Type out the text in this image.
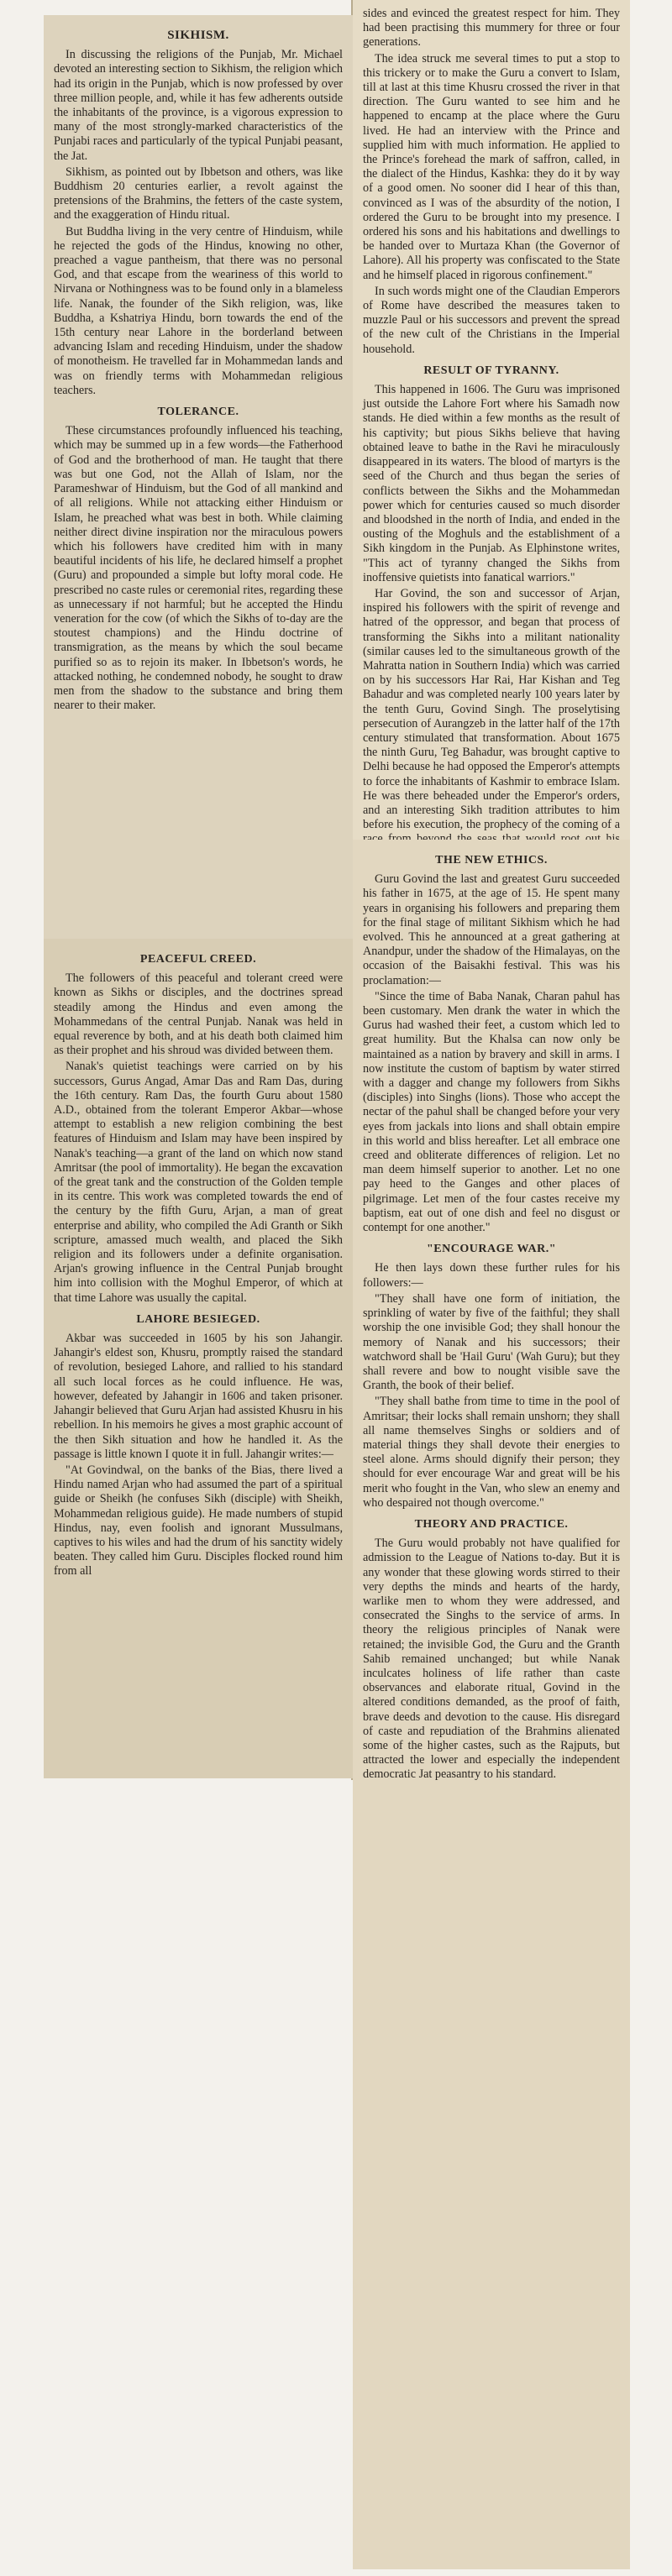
SIKHISM.

In discussing the religions of the Punjab, Mr. Michael devoted an interesting section to Sikhism, the religion which had its origin in the Punjab, which is now professed by over three million people, and, while it has few adherents outside the inhabitants of the province, is a vigorous expression to many of the most strongly-marked characteristics of the Punjabi races and particularly of the typical Punjabi peasant, the Jat.

Sikhism, as pointed out by Ibbetson and others, was like Buddhism 20 centuries earlier, a revolt against the pretensions of the Brahmins, the fetters of the caste system, and the exaggeration of Hindu ritual.

But Buddha living in the very centre of Hinduism, while he rejected the gods of the Hindus, knowing no other, preached a vague pantheism, that there was no personal God, and that escape from the weariness of this world to Nirvana or Nothingness was to be found only in a blameless life. Nanak, the founder of the Sikh religion, was, like Buddha, a Kshatriya Hindu, born towards the end of the 15th century near Lahore in the borderland between advancing Islam and receding Hinduism, under the shadow of monotheism. He travelled far in Mohammedan lands and was on friendly terms with Mohammedan religious teachers.

TOLERANCE.

These circumstances profoundly influenced his teaching, which may be summed up in a few words—the Fatherhood of God and the brotherhood of man. He taught that there was but one God, not the Allah of Islam, nor the Parameshwar of Hinduism, but the God of all mankind and of all religions. While not attacking either Hinduism or Islam, he preached what was best in both. While claiming neither direct divine inspiration nor the miraculous powers which his followers have credited him with in many beautiful incidents of his life, he declared himself a prophet (Guru) and propounded a simple but lofty moral code. He prescribed no caste rules or ceremonial rites, regarding these as unnecessary if not harmful; but he accepted the Hindu veneration for the cow (of which the Sikhs of to-day are the stoutest champions) and the Hindu doctrine of transmigration, as the means by which the soul became purified so as to rejoin its maker. In Ibbetson's words, he attacked nothing, he condemned nobody, he sought to draw men from the shadow to the substance and bring them nearer to their maker.

PEACEFUL CREED.

The followers of this peaceful and tolerant creed were known as Sikhs or disciples, and the doctrines spread steadily among the Hindus and even among the Mohammedans of the central Punjab. Nanak was held in equal reverence by both, and at his death both claimed him as their prophet and his shroud was divided between them.

Nanak's quietist teachings were carried on by his successors, Gurus Angad, Amar Das and Ram Das, during the 16th century. Ram Das, the fourth Guru about 1580 A.D., obtained from the tolerant Emperor Akbar—whose attempt to establish a new religion combining the best features of Hinduism and Islam may have been inspired by Nanak's teaching—a grant of the land on which now stand Amritsar (the pool of immortality). He began the excavation of the great tank and the construction of the Golden temple in its centre. This work was completed towards the end of the century by the fifth Guru, Arjan, a man of great enterprise and ability, who compiled the Adi Granth or Sikh scripture, amassed much wealth, and placed the Sikh religion and its followers under a definite organisation. Arjan's growing influence in the Central Punjab brought him into collision with the Moghul Emperor, of which at that time Lahore was usually the capital.

LAHORE BESIEGED.

Akbar was succeeded in 1605 by his son Jahangir. Jahangir's eldest son, Khusru, promptly raised the standard of revolution, besieged Lahore, and rallied to his standard all such local forces as he could influence. He was, however, defeated by Jahangir in 1606 and taken prisoner. Jahangir believed that Guru Arjan had assisted Khusru in his rebellion. In his memoirs he gives a most graphic account of the then Sikh situation and how he handled it. As the passage is little known I quote it in full. Jahangir writes:—

"At Govindwal, on the banks of the Bias, there lived a Hindu named Arjan who had assumed the part of a spiritual guide or Sheikh (he confuses Sikh (disciple) with Sheikh, Mohammedan religious guide). He made numbers of stupid Hindus, nay, even foolish and ignorant Mussulmans, captives to his wiles and had the drum of his sanctity widely beaten. They called him Guru. Disciples flocked round him from all

sides and evinced the greatest respect for him. They had been practising this mummery for three or four generations.

The idea struck me several times to put a stop to this trickery or to make the Guru a convert to Islam, till at last at this time Khusru crossed the river in that direction. The Guru wanted to see him and he happened to encamp at the place where the Guru lived. He had an interview with the Prince and supplied him with much information. He applied to the Prince's forehead the mark of saffron, called, in the dialect of the Hindus, Kashka: they do it by way of a good omen. No sooner did I hear of this than, convinced as I was of the absurdity of the notion, I ordered the Guru to be brought into my presence. I ordered his sons and his habitations and dwellings to be handed over to Murtaza Khan (the Governor of Lahore). All his property was confiscated to the State and he himself placed in rigorous confinement."

In such words might one of the Claudian Emperors of Rome have described the measures taken to muzzle Paul or his successors and prevent the spread of the new cult of the Christians in the Imperial household.

RESULT OF TYRANNY.

This happened in 1606. The Guru was imprisoned just outside the Lahore Fort where his Samadh now stands. He died within a few months as the result of his captivity; but pious Sikhs believe that having obtained leave to bathe in the Ravi he miraculously disappeared in its waters. The blood of martyrs is the seed of the Church and thus began the series of conflicts between the Sikhs and the Mohammedan power which for centuries caused so much disorder and bloodshed in the north of India, and ended in the ousting of the Moghuls and the establishment of a Sikh kingdom in the Punjab. As Elphinstone writes, "This act of tyranny changed the Sikhs from inoffensive quietists into fanatical warriors."

Har Govind, the son and successor of Arjan, inspired his followers with the spirit of revenge and hatred of the oppressor, and began that process of transforming the Sikhs into a militant nationality (similar causes led to the simultaneous growth of the Mahratta nation in Southern India) which was carried on by his successors Har Rai, Har Kishan and Teg Bahadur and was completed nearly 100 years later by the tenth Guru, Govind Singh. The proselytising persecution of Aurangzeb in the latter half of the 17th century stimulated that transformation. About 1675 the ninth Guru, Teg Bahadur, was brought captive to Delhi because he had opposed the Emperor's attempts to force the inhabitants of Kashmir to embrace Islam. He was there beheaded under the Emperor's orders, and an interesting Sikh tradition attributes to him before his execution, the prophecy of the coming of a

THE NEW ETHICS.

Guru Govind the last and greatest Guru succeeded his father in 1675, at the age of 15. He spent many years in organising his followers and preparing them for the final stage of militant Sikhism which he had evolved. This he announced at a great gathering at Anandpur, under the shadow of the Himalayas, on the occasion of the Baisakhi festival. This was his proclamation:—

"Since the time of Baba Nanak, Charan pahul has been customary. Men drank the water in which the Gurus had washed their feet, a custom which led to great humility. But the Khalsa can now only be maintained as a nation by bravery and skill in arms. I now institute the custom of baptism by water stirred with a dagger and change my followers from Sikhs (disciples) into Singhs (lions). Those who accept the nectar of the pahul shall be changed before your very eyes from jackals into lions and shall obtain empire in this world and bliss hereafter. Let all embrace one creed and obliterate differences of religion. Let no man deem himself superior to another. Let no one pay heed to the Ganges and other places of pilgrimage. Let men of the four castes receive my baptism, eat out of one dish and feel no disgust or contempt for one another."

"ENCOURAGE WAR."

He then lays down these further rules for his followers:—

"They shall have one form of initiation, the sprinkling of water by five of the faithful; they shall worship the one invisible God; they shall honour the memory of Nanak and his successors; their watchword shall be 'Hail Guru' (Wah Guru); but they shall revere and bow to nought visible save the Granth, the book of their belief.

"They shall bathe from time to time in the pool of Amritsar; their locks shall remain unshorn; they shall all name themselves Singhs or soldiers and of material things they shall devote their energies to steel alone. Arms should dignify their person; they should for ever encourage War and great will be his merit who fought in the Van, who slew an enemy and who despaired not though overcome."

THEORY AND PRACTICE.

The Guru would probably not have qualified for admission to the League of Nations to-day. But it is any wonder that these glowing words stirred to their very depths the minds and hearts of the hardy, warlike men to whom they were addressed, and consecrated the Singhs to the service of arms. In theory the religious principles of Nanak were retained; the invisible God, the Guru and the Granth Sahib remained unchanged; but while Nanak inculcates holiness of life rather than caste observances and elaborate ritual, Govind in the altered conditions demanded, as the proof of faith, brave deeds and devotion to the cause. His disregard of caste and repudiation of the Brahmins alienated some of the higher castes, such as the Rajputs, but attracted the lower and especially the independent democratic Jat peasantry to his standard.
